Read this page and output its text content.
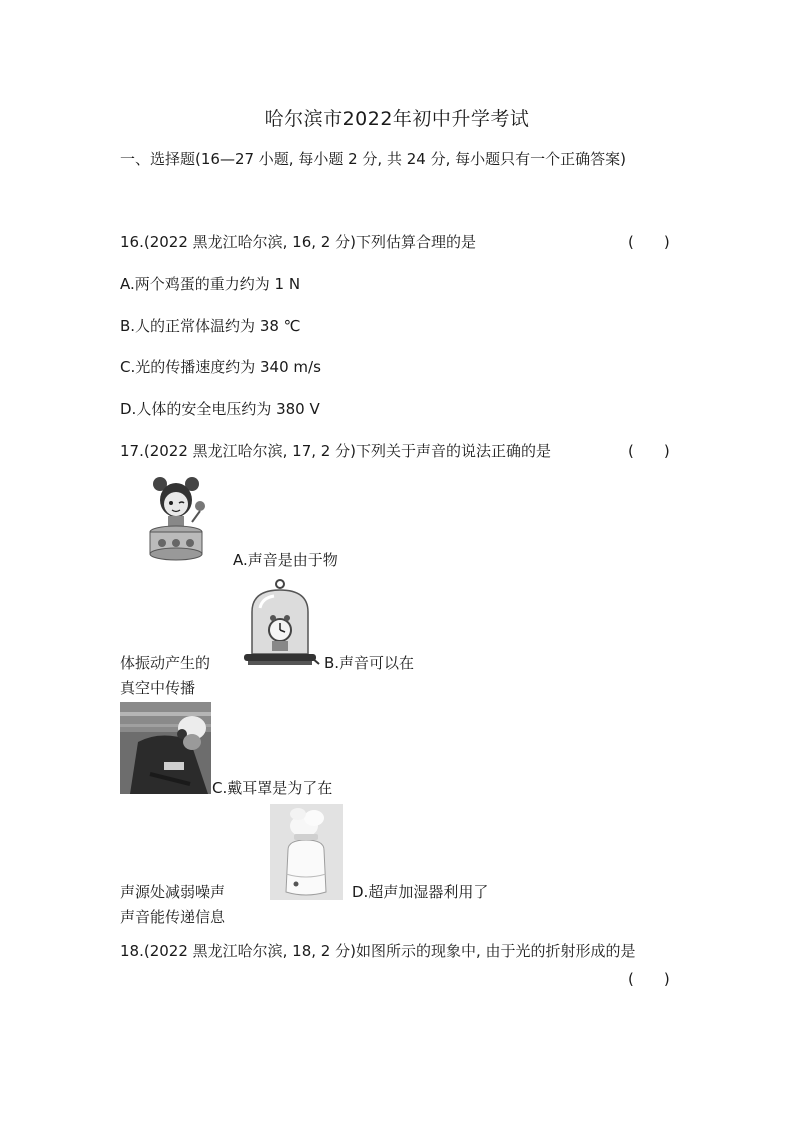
哈尔滨市2022年初中升学考试
一、选择题(16—27 小题, 每小题 2 分, 共 24 分, 每小题只有一个正确答案)
16.(2022 黑龙江哈尔滨, 16, 2 分)下列估算合理的是	(　　)
A.两个鸡蛋的重力约为 1 N
B.人的正常体温约为 38 ℃
C.光的传播速度约为 340 m/s
D.人体的安全电压约为 380 V
17.(2022 黑龙江哈尔滨, 17, 2 分)下列关于声音的说法正确的是	(　　)
A.声音是由于物
体振动产生的	B.声音可以在
真空中传播
C.戴耳罩是为了在
声源处减弱噪声	D.超声加湿器利用了
声音能传递信息
18.(2022 黑龙江哈尔滨, 18, 2 分)如图所示的现象中, 由于光的折射形成的是
(　　)
